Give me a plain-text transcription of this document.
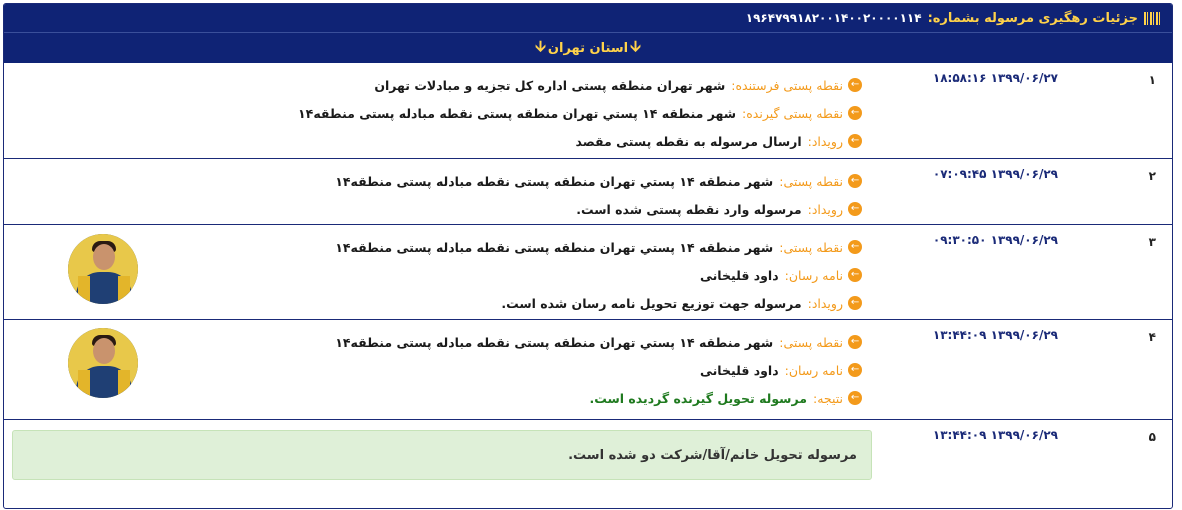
جزئیات رهگیری مرسوله بشماره:
۱۹۶۴۷۹۹۱۸۲۰۰۱۴۰۰۲۰۰۰۰۱۱۴
🡫
استان تهران
🡫
۱
۱۸:۵۸:۱۶ ۱۳۹۹/۰۶/۲۷
←
نقطه پستی فرستنده:
شهر تهران منطقه پستی اداره کل تجزیه و مبادلات تهران
←
نقطه پستی گیرنده:
شهر منطقه ۱۴ پستي تهران منطقه پستی نقطه مبادله پستی منطقه۱۴
←
رویداد:
ارسال مرسوله به نقطه پستی مقصد
۲
۰۷:۰۹:۴۵ ۱۳۹۹/۰۶/۲۹
←
نقطه پستی:
شهر منطقه ۱۴ پستي تهران منطقه پستی نقطه مبادله پستی منطقه۱۴
←
رویداد:
مرسوله وارد نقطه پستی شده است.
۳
۰۹:۳۰:۵۰ ۱۳۹۹/۰۶/۲۹
←
نقطه پستی:
شهر منطقه ۱۴ پستي تهران منطقه پستی نقطه مبادله پستی منطقه۱۴
←
نامه رسان:
داود قلیخانی
←
رویداد:
مرسوله جهت توزیع تحویل نامه رسان شده است.
۴
۱۳:۴۴:۰۹ ۱۳۹۹/۰۶/۲۹
←
نقطه پستی:
شهر منطقه ۱۴ پستي تهران منطقه پستی نقطه مبادله پستی منطقه۱۴
←
نامه رسان:
داود قلیخانی
←
نتیجه:
مرسوله تحویل گیرنده گردیده است.
۵
۱۳:۴۴:۰۹ ۱۳۹۹/۰۶/۲۹
مرسوله تحویل خانم/آقا/شرکت دو شده است.
